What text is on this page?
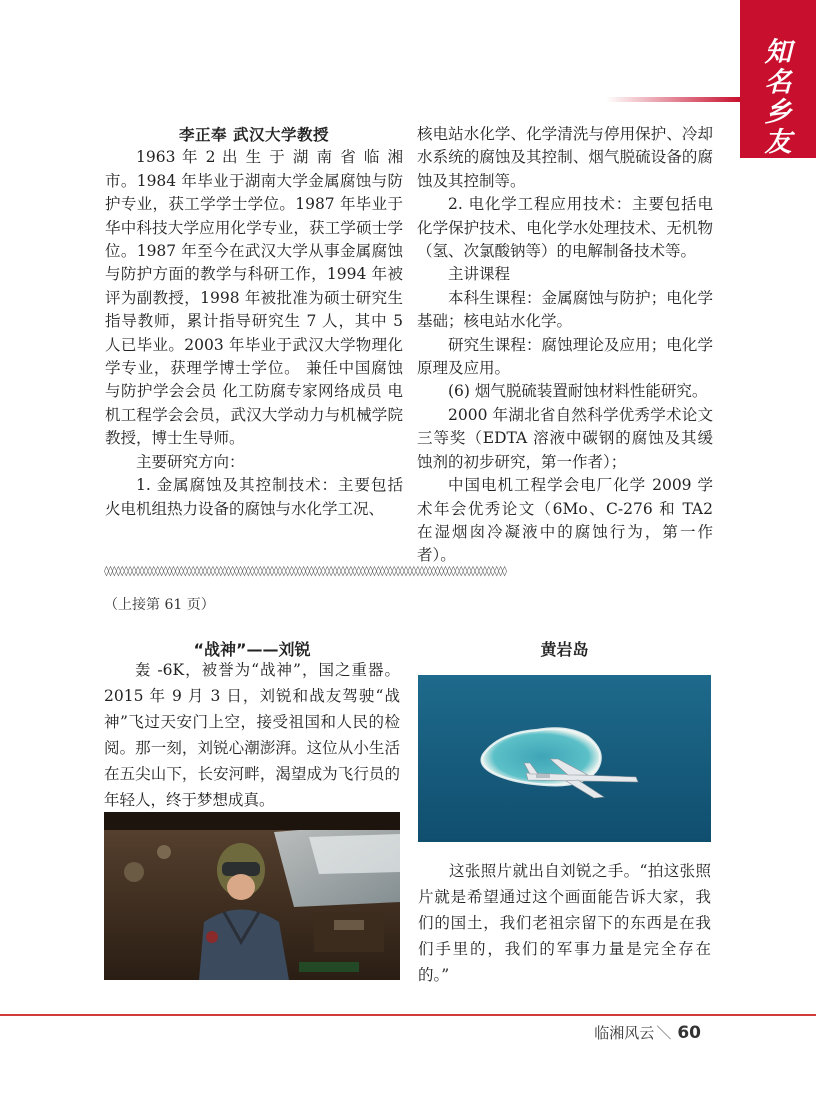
知
名
乡
友

李正奉 武汉大学教授

1963 年 2 出 生 于 湖 南 省 临 湘 市。1984 年毕业于湖南大学金属腐蚀与防护专业，获工学学士学位。1987 年毕业于华中科技大学应用化学专业，获工学硕士学位。1987 年至今在武汉大学从事金属腐蚀与防护方面的教学与科研工作，1994 年被评为副教授，1998 年被批准为硕士研究生指导教师，累计指导研究生 7 人，其中 5 人已毕业。2003 年毕业于武汉大学物理化学专业，获理学博士学位。 兼任中国腐蚀与防护学会会员 化工防腐专家网络成员 电机工程学会会员，武汉大学动力与机械学院教授，博士生导师。

主要研究方向：

1. 金属腐蚀及其控制技术：主要包括火电机组热力设备的腐蚀与水化学工况、

核电站水化学、化学清洗与停用保护、冷却水系统的腐蚀及其控制、烟气脱硫设备的腐蚀及其控制等。

2. 电化学工程应用技术：主要包括电化学保护技术、电化学水处理技术、无机物（氢、次氯酸钠等）的电解制备技术等。

主讲课程

本科生课程：金属腐蚀与防护；电化学基础；核电站水化学。

研究生课程：腐蚀理论及应用；电化学原理及应用。

(6) 烟气脱硫装置耐蚀材料性能研究。

2000 年湖北省自然科学优秀学术论文三等奖（EDTA 溶液中碳钢的腐蚀及其缓蚀剂的初步研究，第一作者）；

中国电机工程学会电厂化学 2009 学术年会优秀论文（6Mo、C-276 和 TA2 在湿烟囱冷凝液中的腐蚀行为，第一作者）。

◊◊◊◊◊◊◊◊◊◊◊◊◊◊◊◊◊◊◊◊◊◊◊◊◊◊◊◊◊◊◊◊◊◊◊◊◊◊◊◊◊◊◊◊◊◊◊◊◊◊◊◊◊◊◊◊◊◊◊◊◊◊◊◊◊◊◊◊◊◊◊◊◊◊◊◊◊◊◊◊◊◊◊◊◊◊◊◊◊◊◊◊◊◊◊◊◊◊◊◊◊◊
（上接第 61 页）
“战神”——刘锐

轰 -6K，被誉为“战神”，国之重器。2015 年 9 月 3 日，刘锐和战友驾驶“战神”飞过天安门上空，接受祖国和人民的检阅。那一刻，刘锐心潮澎湃。这位从小生活在五尖山下，长安河畔，渴望成为飞行员的年轻人，终于梦想成真。

黄岩岛

这张照片就出自刘锐之手。“拍这张照片就是希望通过这个画面能告诉大家，我们的国土，我们老祖宗留下的东西是在我们手里的，我们的军事力量是完全存在的。”

临湘风云 ＼ 60
